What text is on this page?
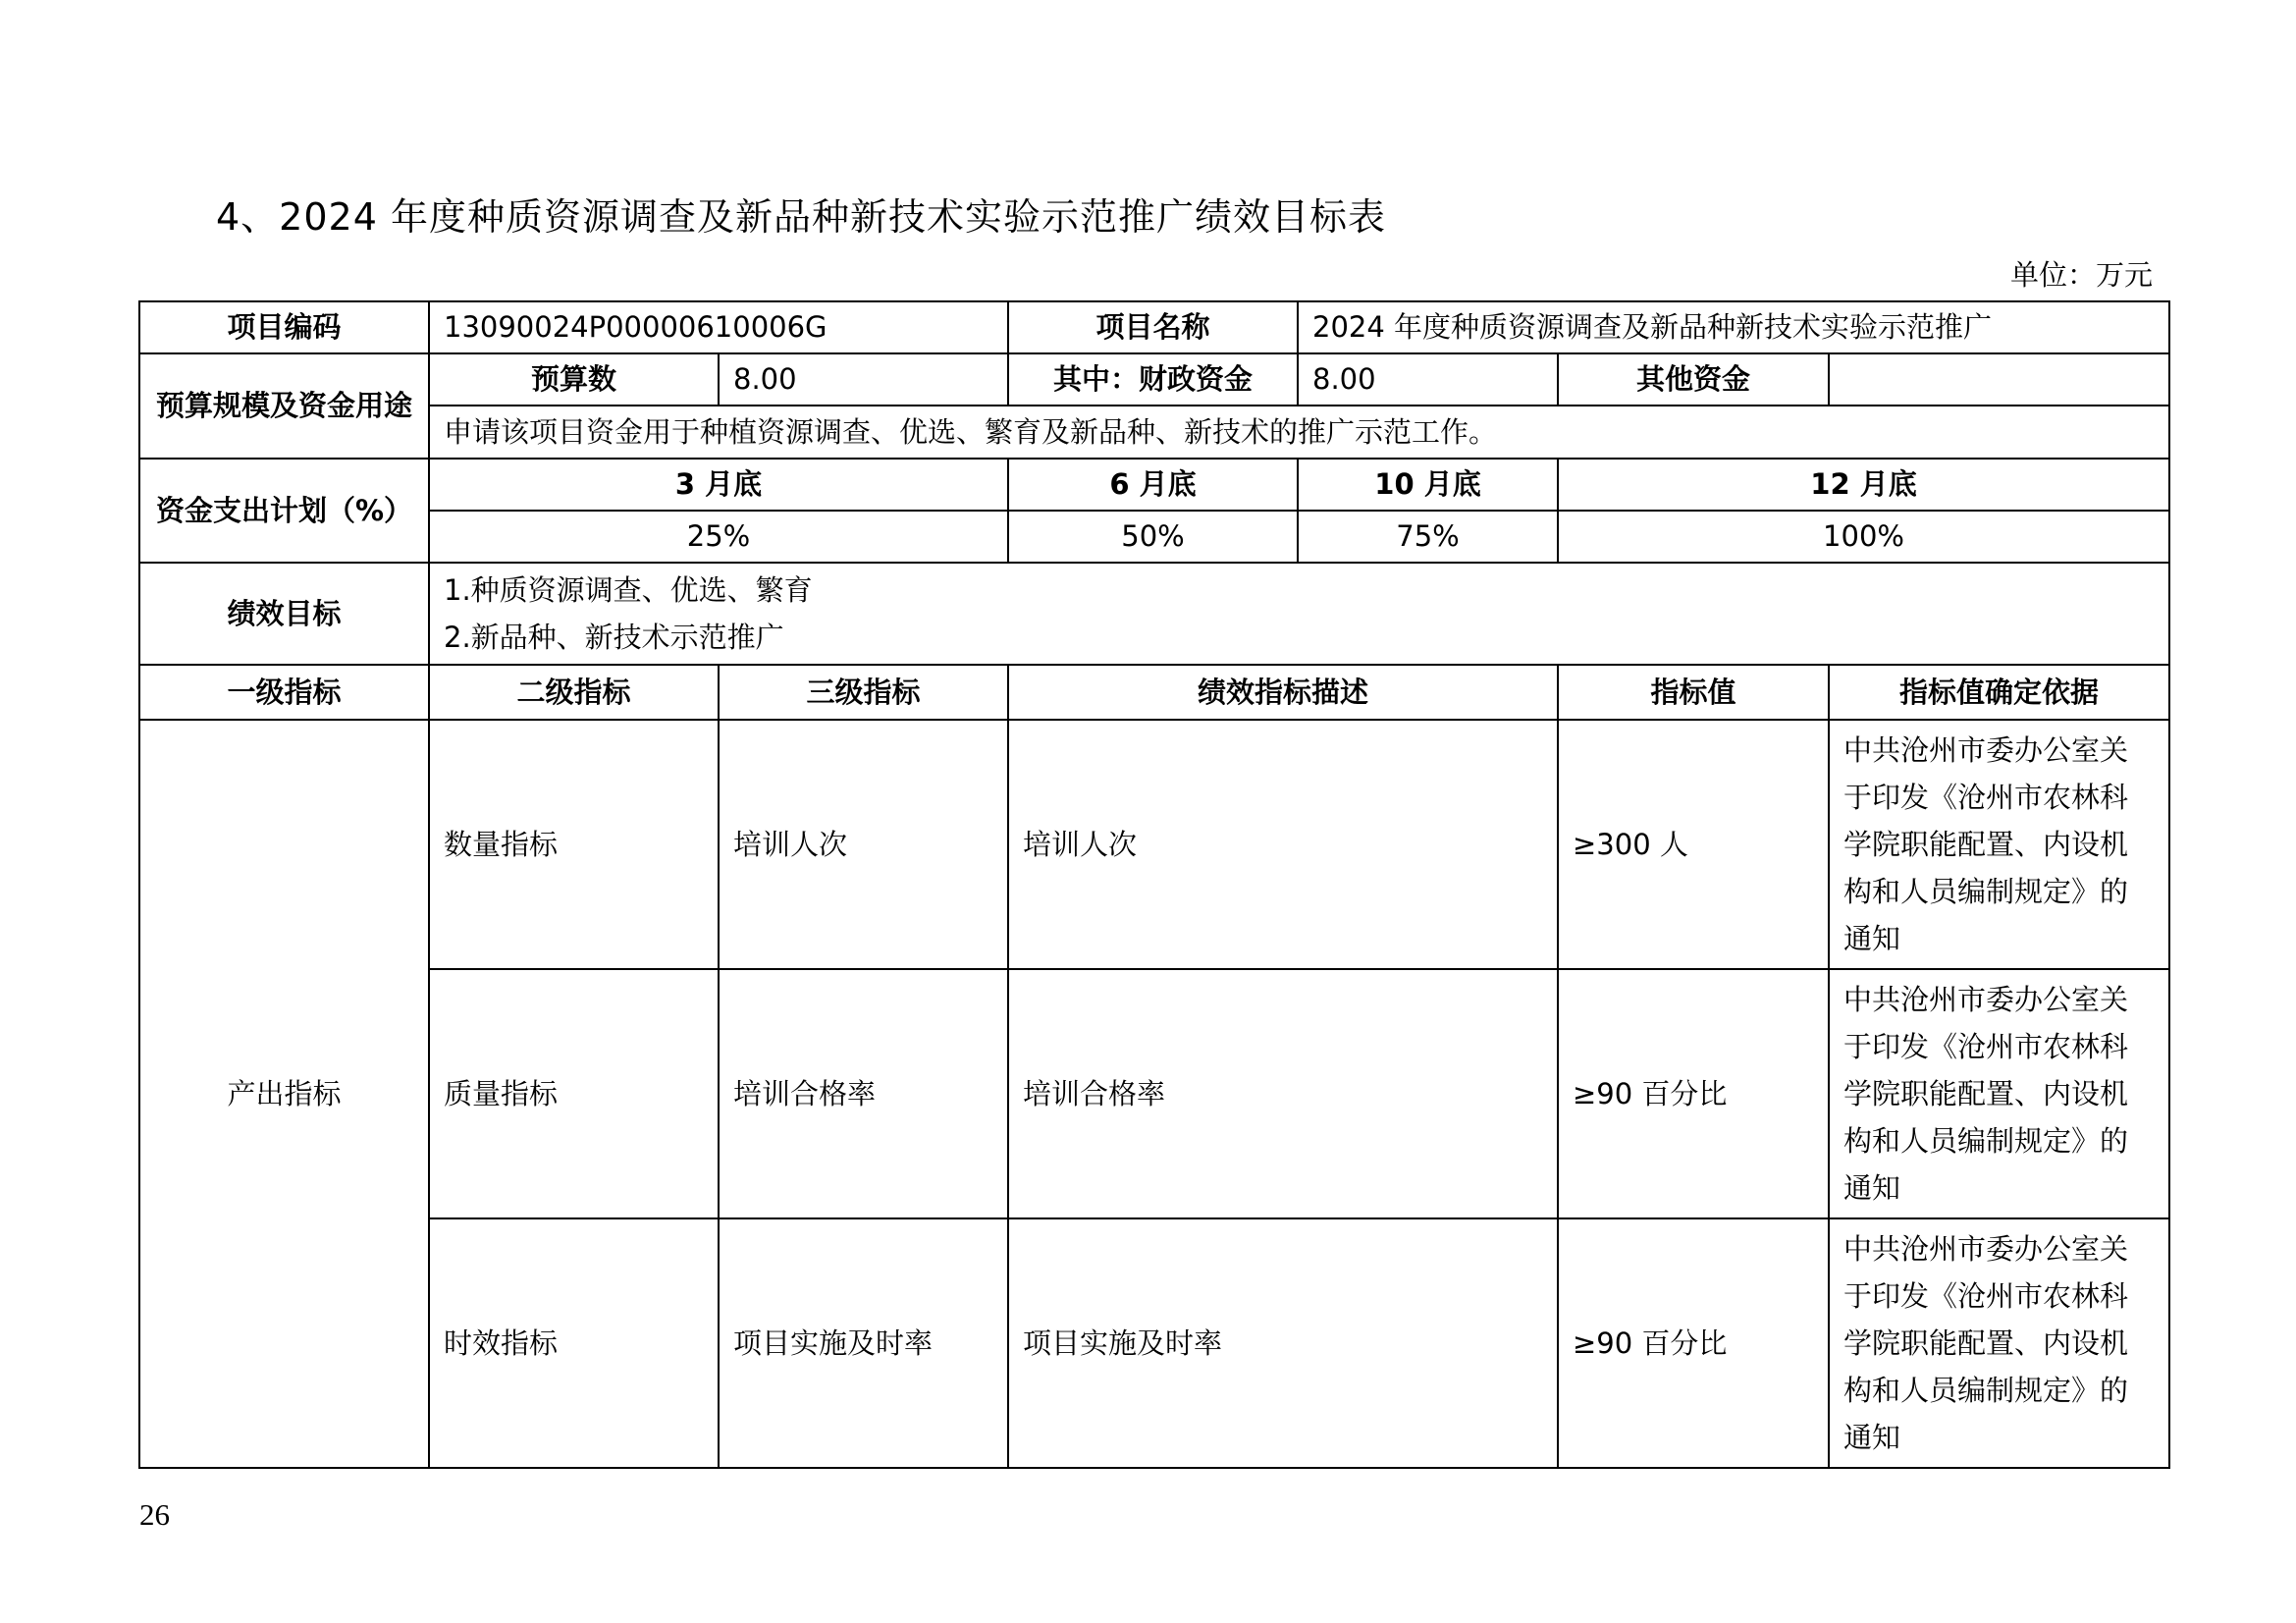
4、2024 年度种质资源调查及新品种新技术实验示范推广绩效目标表
单位：万元
项目编码	13090024P00000610006G		项目名称	2024 年度种质资源调查及新品种新技术实验示范推广		
预算规模及资金用途	预算数	8.00	其中：财政资金	8.00	其他资金	
	申请该项目资金用于种植资源调查、优选、繁育及新品种、新技术的推广示范工作。					
资金支出计划（%）	3 月底		6 月底	10 月底	12 月底	
	25%		50%	75%	100%	
绩效目标	1.种质资源调查、优选、繁育
2.新品种、新技术示范推广					

一级指标	二级指标	三级指标	绩效指标描述		指标值	指标值确定依据
产出指标	数量指标	培训人次	培训人次		≥300 人	中共沧州市委办公室关
于印发《沧州市农林科
学院职能配置、内设机
构和人员编制规定》的
通知

	质量指标	培训合格率	培训合格率		≥90 百分比	中共沧州市委办公室关
于印发《沧州市农林科
学院职能配置、内设机
构和人员编制规定》的
通知

	时效指标	项目实施及时率	项目实施及时率		≥90 百分比	中共沧州市委办公室关
于印发《沧州市农林科
学院职能配置、内设机
构和人员编制规定》的
通知
26
